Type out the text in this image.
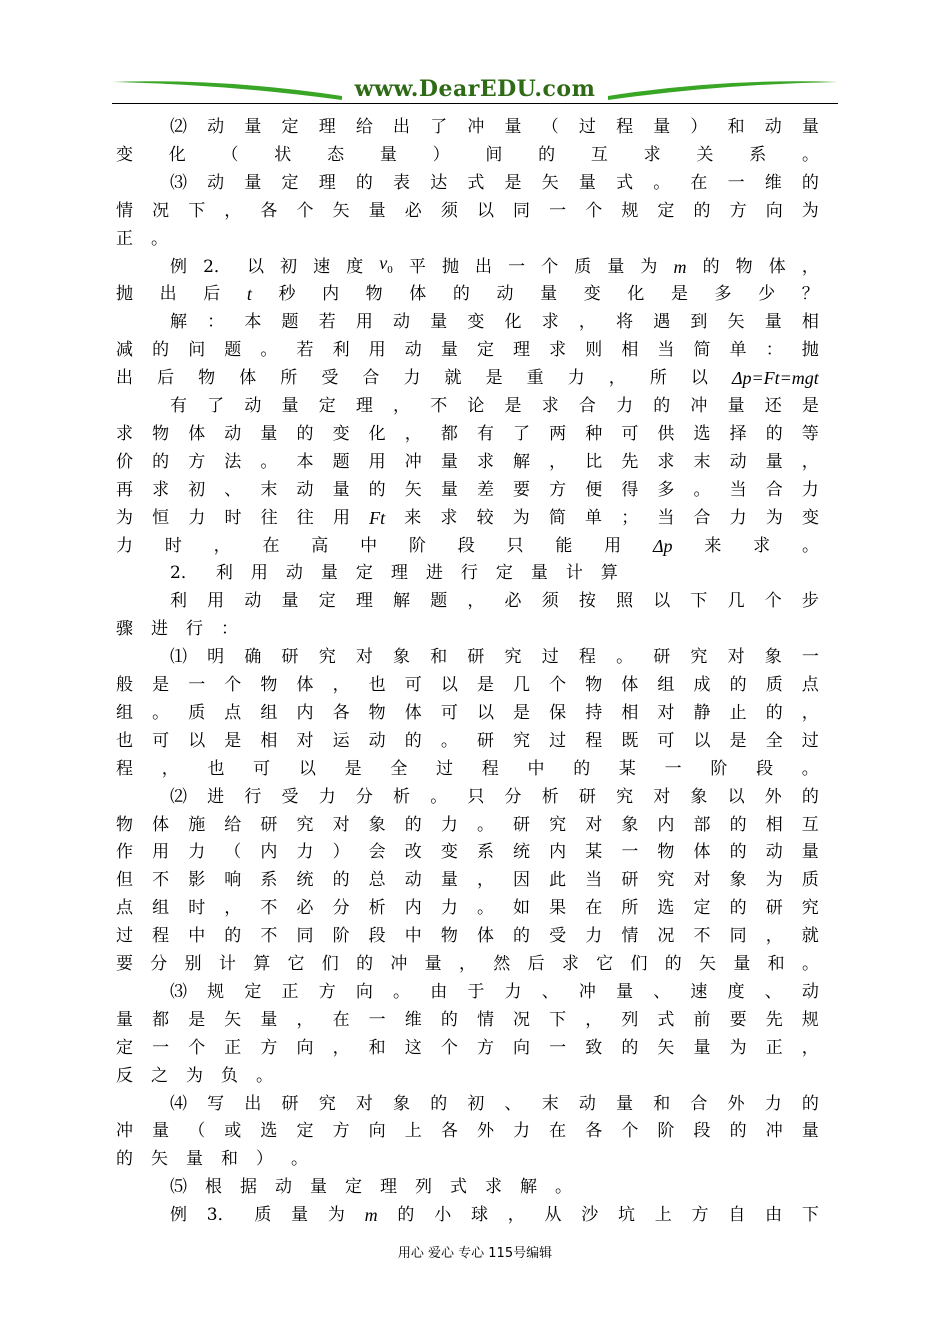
www.DearEDU.com
⑵ 动 量 定 理 给 出 了 冲 量 （ 过 程 量 ） 和 动 量
变 化 （ 状 态 量 ） 间 的 互 求 关 系 。
⑶ 动 量 定 理 的 表 达 式 是 矢 量 式 。 在 一 维 的
情 况 下 ， 各 个 矢 量 必 须 以 同 一 个 规 定 的 方 向 为
正 。
例 2． 以 初 速 度 v0 平 抛 出 一 个 质 量 为 m 的 物 体 ，
抛 出 后 t 秒 内 物 体 的 动 量 变 化 是 多 少 ？
解 ： 本 题 若 用 动 量 变 化 求 ， 将 遇 到 矢 量 相
减 的 问 题 。 若 利 用 动 量 定 理 求 则 相 当 简 单 ： 抛
出 后 物 体 所 受 合 力 就 是 重 力 ， 所 以 Δp=Ft=mgt
有 了 动 量 定 理 ， 不 论 是 求 合 力 的 冲 量 还 是
求 物 体 动 量 的 变 化 ， 都 有 了 两 种 可 供 选 择 的 等
价 的 方 法 。 本 题 用 冲 量 求 解 ， 比 先 求 末 动 量 ，
再 求 初 、 末 动 量 的 矢 量 差 要 方 便 得 多 。 当 合 力
为 恒 力 时 往 往 用 Ft 来 求 较 为 简 单 ； 当 合 力 为 变
力 时 ， 在 高 中 阶 段 只 能 用 Δp 来 求 。
2． 利 用 动 量 定 理 进 行 定 量 计 算
利 用 动 量 定 理 解 题 ， 必 须 按 照 以 下 几 个 步
骤 进 行 ：
⑴ 明 确 研 究 对 象 和 研 究 过 程 。 研 究 对 象 一
般 是 一 个 物 体 ， 也 可 以 是 几 个 物 体 组 成 的 质 点
组 。 质 点 组 内 各 物 体 可 以 是 保 持 相 对 静 止 的 ，
也 可 以 是 相 对 运 动 的 。 研 究 过 程 既 可 以 是 全 过
程 ， 也 可 以 是 全 过 程 中 的 某 一 阶 段 。
⑵ 进 行 受 力 分 析 。 只 分 析 研 究 对 象 以 外 的
物 体 施 给 研 究 对 象 的 力 。 研 究 对 象 内 部 的 相 互
作 用 力 （ 内 力 ） 会 改 变 系 统 内 某 一 物 体 的 动 量
但 不 影 响 系 统 的 总 动 量 ， 因 此 当 研 究 对 象 为 质
点 组 时 ， 不 必 分 析 内 力 。 如 果 在 所 选 定 的 研 究
过 程 中 的 不 同 阶 段 中 物 体 的 受 力 情 况 不 同 ， 就
要 分 别 计 算 它 们 的 冲 量 ， 然 后 求 它 们 的 矢 量 和 。
⑶ 规 定 正 方 向 。 由 于 力 、 冲 量 、 速 度 、 动
量 都 是 矢 量 ， 在 一 维 的 情 况 下 ， 列 式 前 要 先 规
定 一 个 正 方 向 ， 和 这 个 方 向 一 致 的 矢 量 为 正 ，
反 之 为 负 。
⑷ 写 出 研 究 对 象 的 初 、 末 动 量 和 合 外 力 的
冲 量 （ 或 选 定 方 向 上 各 外 力 在 各 个 阶 段 的 冲 量
的 矢 量 和 ） 。
⑸ 根 据 动 量 定 理 列 式 求 解 。
例 3． 质 量 为 m 的 小 球 ， 从 沙 坑 上 方 自 由 下
用心 爱心 专心 115号编辑
